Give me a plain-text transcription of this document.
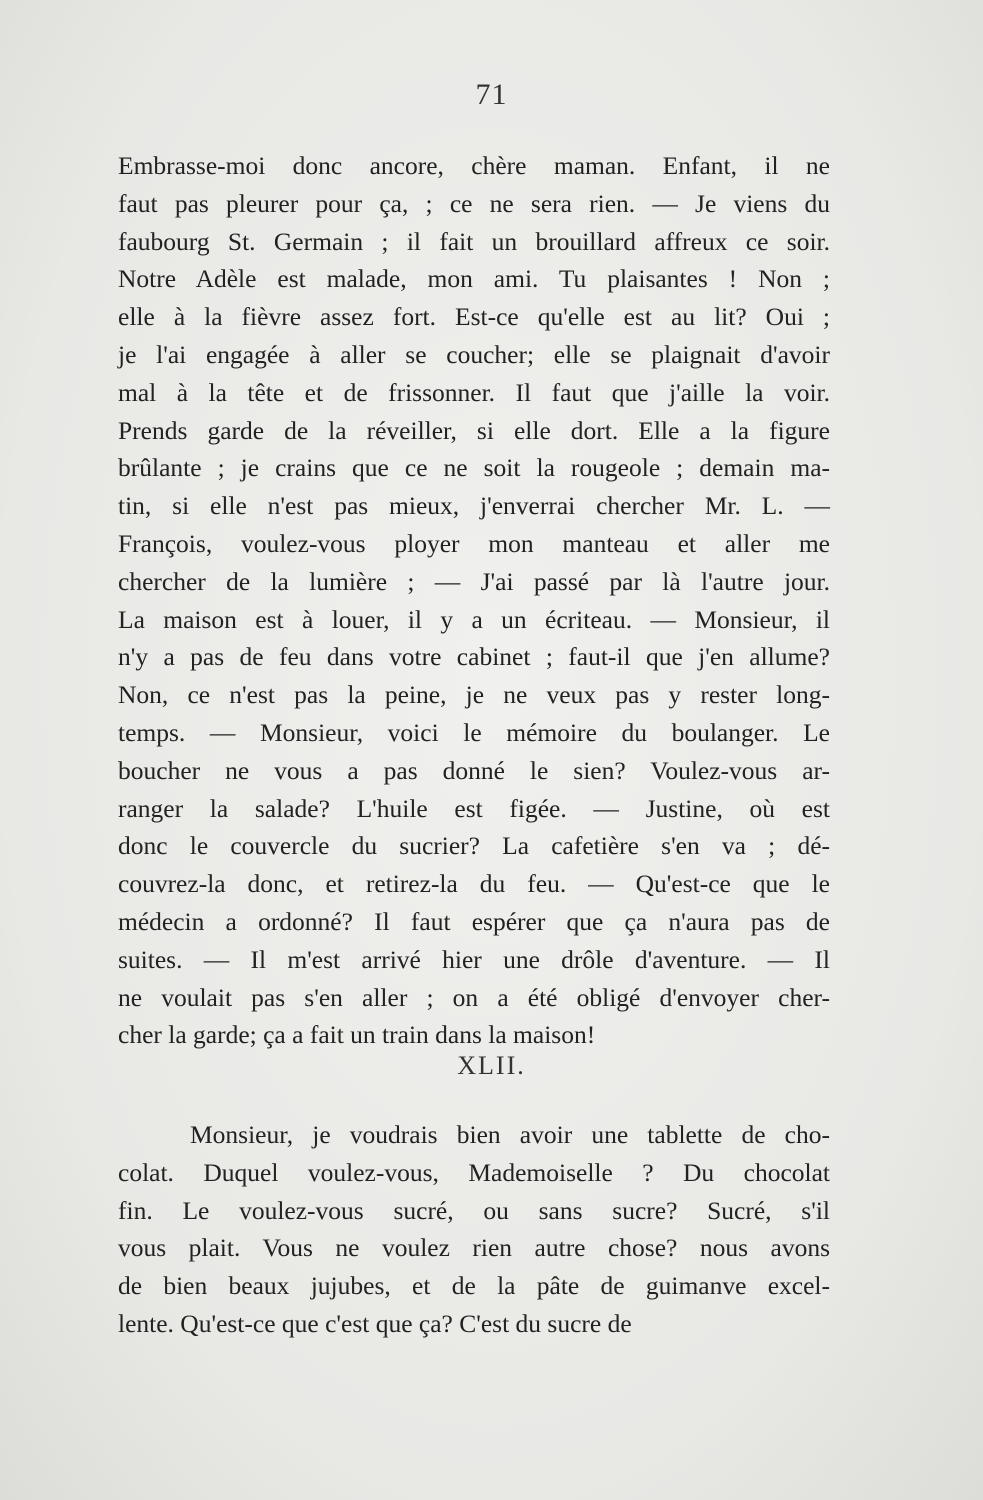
71
Embrasse-moi donc ancore, chère maman. Enfant, il ne
faut pas pleurer pour ça, ; ce ne sera rien. — Je viens du
faubourg St. Germain ; il fait un brouillard affreux ce soir.
Notre Adèle est malade, mon ami. Tu plaisantes ! Non ;
elle à la fièvre assez fort. Est-ce qu'elle est au lit? Oui ;
je l'ai engagée à aller se coucher; elle se plaignait d'avoir
mal à la tête et de frissonner. Il faut que j'aille la voir.
Prends garde de la réveiller, si elle dort. Elle a la figure
brûlante ; je crains que ce ne soit la rougeole ; demain ma-
tin, si elle n'est pas mieux, j'enverrai chercher Mr. L. —
François, voulez-vous ployer mon manteau et aller me
chercher de la lumière ; — J'ai passé par là l'autre jour.
La maison est à louer, il y a un écriteau. — Monsieur, il
n'y a pas de feu dans votre cabinet ; faut-il que j'en allume?
Non, ce n'est pas la peine, je ne veux pas y rester long-
temps. — Monsieur, voici le mémoire du boulanger. Le
boucher ne vous a pas donné le sien? Voulez-vous ar-
ranger la salade? L'huile est figée. — Justine, où est
donc le couvercle du sucrier? La cafetière s'en va ; dé-
couvrez-la donc, et retirez-la du feu. — Qu'est-ce que le
médecin a ordonné? Il faut espérer que ça n'aura pas de
suites. — Il m'est arrivé hier une drôle d'aventure. — Il
ne voulait pas s'en aller ; on a été obligé d'envoyer cher-
cher la garde; ça a fait un train dans la maison!
XLII.
Monsieur, je voudrais bien avoir une tablette de cho-
colat. Duquel voulez-vous, Mademoiselle ? Du chocolat
fin. Le voulez-vous sucré, ou sans sucre? Sucré, s'il
vous plait. Vous ne voulez rien autre chose? nous avons
de bien beaux jujubes, et de la pâte de guimanve excel-
lente. Qu'est-ce que c'est que ça? C'est du sucre de
